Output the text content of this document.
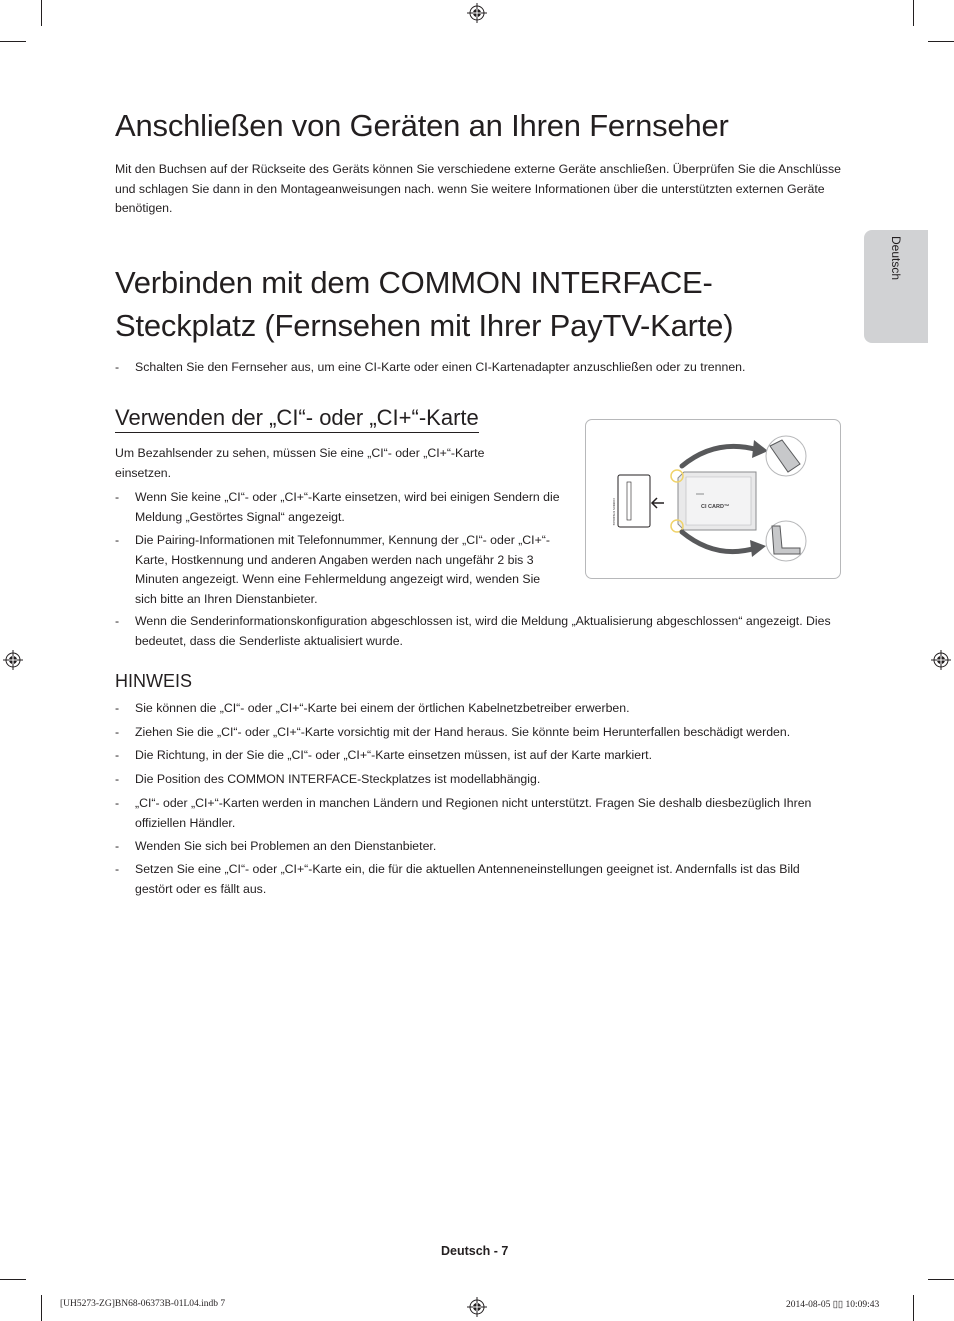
Deutsch
Anschließen von Geräten an Ihren Fernseher
Mit den Buchsen auf der Rückseite des Geräts können Sie verschiedene externe Geräte anschließen. Überprüfen Sie die Anschlüsse und schlagen Sie dann in den Montageanweisungen nach. wenn Sie weitere Informationen über die unterstützten externen Geräte benötigen.
Verbinden mit dem COMMON INTERFACE-
Steckplatz (Fernsehen mit Ihrer PayTV-Karte)
-	Schalten Sie den Fernseher aus, um eine CI-Karte oder einen CI-Kartenadapter anzuschließen oder zu trennen.
Verwenden der „CI“- oder „CI+“-Karte
Um Bezahlsender zu sehen, müssen Sie eine „CI“- oder „CI+“-Karte einsetzen.
-	Wenn Sie keine „CI“- oder „CI+“-Karte einsetzen, wird bei einigen Sendern die Meldung „Gestörtes Signal“ angezeigt.
-	Die Pairing-Informationen mit Telefonnummer, Kennung der „CI“- oder „CI+“-Karte, Hostkennung und anderen Angaben werden nach ungefähr 2 bis 3 Minuten angezeigt. Wenn eine Fehlermeldung angezeigt wird, wenden Sie sich bitte an Ihren Dienstanbieter.
-	Wenn die Senderinformationskonfiguration abgeschlossen ist, wird die Meldung „Aktualisierung abgeschlossen“ angezeigt. Dies bedeutet, dass die Senderliste aktualisiert wurde.
CI CARD™
COMMON INTERFACE
HINWEIS
-	Sie können die „CI“- oder „CI+“-Karte bei einem der örtlichen Kabelnetzbetreiber erwerben.
-	Ziehen Sie die „CI“- oder „CI+“-Karte vorsichtig mit der Hand heraus. Sie könnte beim Herunterfallen beschädigt werden.
-	Die Richtung, in der Sie die „CI“- oder „CI+“-Karte einsetzen müssen, ist auf der Karte markiert.
-	Die Position des COMMON INTERFACE-Steckplatzes ist modellabhängig.
-	„CI“- oder „CI+“-Karten werden in manchen Ländern und Regionen nicht unterstützt. Fragen Sie deshalb diesbezüglich Ihren offiziellen Händler.
-	Wenden Sie sich bei Problemen an den Dienstanbieter.
-	Setzen Sie eine „CI“- oder „CI+“-Karte ein, die für die aktuellen Antenneneinstellungen geeignet ist. Andernfalls ist das Bild gestört oder es fällt aus.
Deutsch - 7
[UH5273-ZG]BN68-06373B-01L04.indb 7	2014-08-05 ▯▯ 10:09:43
